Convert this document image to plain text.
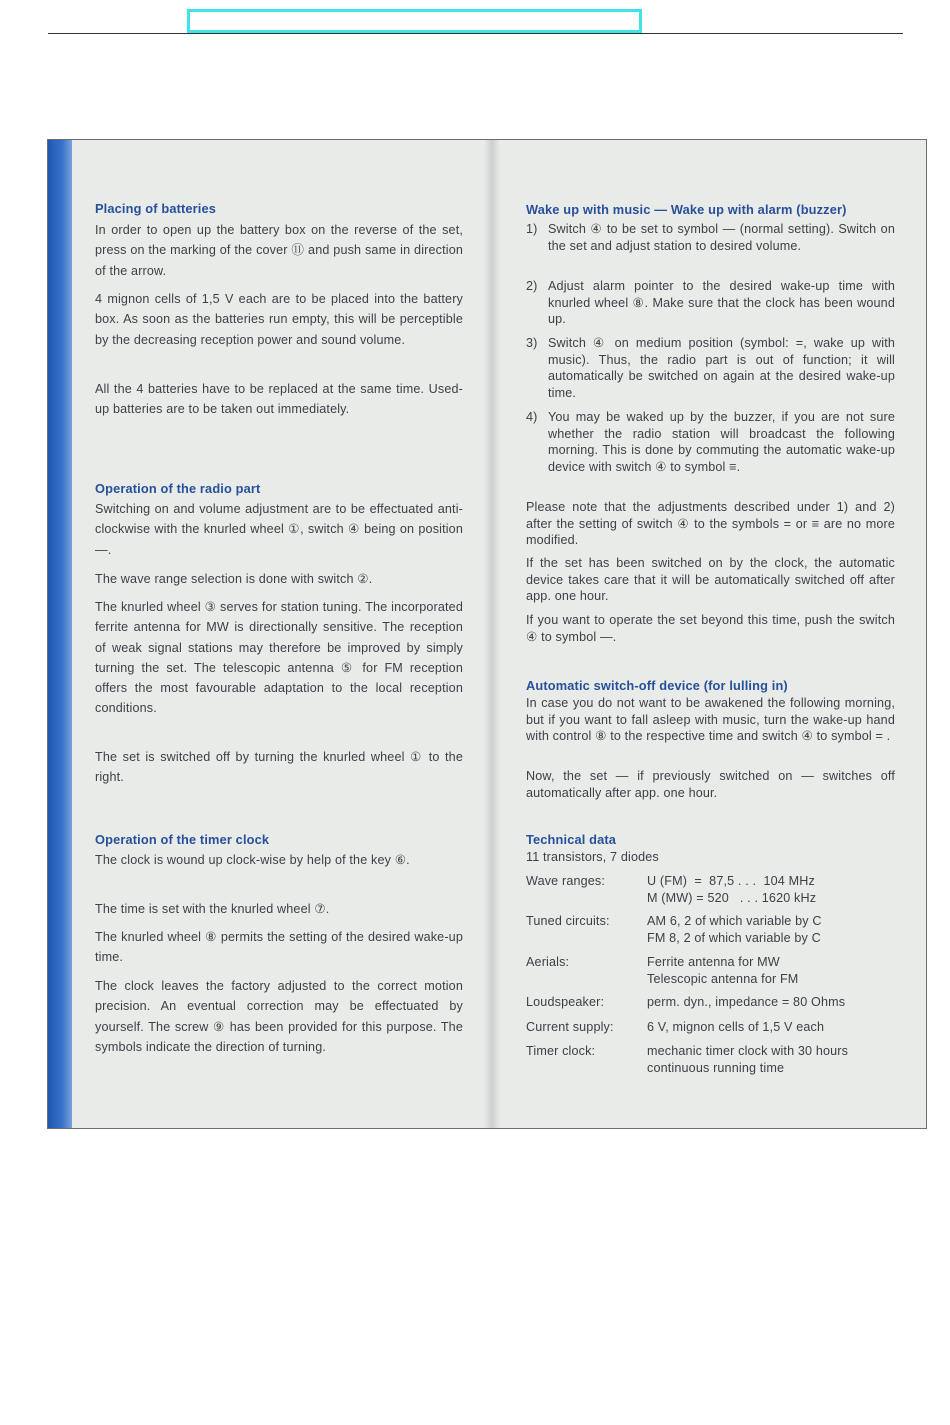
Placing of batteries
In order to open up the battery box on the reverse of the set, press on the marking of the cover ⑪ and push same in direction of the arrow.
4 mignon cells of 1,5 V each are to be placed into the battery box. As soon as the batteries run empty, this will be perceptible by the decreasing reception power and sound volume.
All the 4 batteries have to be replaced at the same time. Used-up batteries are to be taken out immediately.
Operation of the radio part
Switching on and volume adjustment are to be effectuated anti-clockwise with the knurled wheel ①, switch ④ being on position —.
The wave range selection is done with switch ②.
The knurled wheel ③ serves for station tuning. The incorporated ferrite antenna for MW is directionally sensitive. The reception of weak signal stations may therefore be improved by simply turning the set. The telescopic antenna ⑤ for FM reception offers the most favourable adaptation to the local reception conditions.
The set is switched off by turning the knurled wheel ① to the right.
Operation of the timer clock
The clock is wound up clock-wise by help of the key ⑥.
The time is set with the knurled wheel ⑦.
The knurled wheel ⑧ permits the setting of the desired wake-up time.
The clock leaves the factory adjusted to the correct motion precision. An eventual correction may be effectuated by yourself. The screw ⑨ has been provided for this purpose. The symbols indicate the direction of turning.
Wake up with music — Wake up with alarm (buzzer)
1) Switch ④ to be set to symbol — (normal setting). Switch on the set and adjust station to desired volume.
2) Adjust alarm pointer to the desired wake-up time with knurled wheel ⑧. Make sure that the clock has been wound up.
3) Switch ④ on medium position (symbol: =, wake up with music). Thus, the radio part is out of function; it will automatically be switched on again at the desired wake-up time.
4) You may be waked up by the buzzer, if you are not sure whether the radio station will broadcast the following morning. This is done by commuting the automatic wake-up device with switch ④ to symbol ≡.
Please note that the adjustments described under 1) and 2) after the setting of switch ④ to the symbols = or ≡ are no more modified.
If the set has been switched on by the clock, the automatic device takes care that it will be automatically switched off after app. one hour.
If you want to operate the set beyond this time, push the switch ④ to symbol —.
Automatic switch-off device (for lulling in)
In case you do not want to be awakened the following morning, but if you want to fall asleep with music, turn the wake-up hand with control ⑧ to the respective time and switch ④ to symbol = .
Now, the set — if previously switched on — switches off automatically after app. one hour.
Technical data
11 transistors, 7 diodes
Wave ranges:	U (FM)  =  87,5 . . .  104 MHz
M (MW) = 520   . . . 1620 kHz
Tuned circuits:	AM 6, 2 of which variable by C
FM 8, 2 of which variable by C
Aerials:	Ferrite antenna for MW
Telescopic antenna for FM
Loudspeaker:	perm. dyn., impedance = 80 Ohms
Current supply:	6 V, mignon cells of 1,5 V each
Timer clock:	mechanic timer clock with 30 hours
continuous running time
